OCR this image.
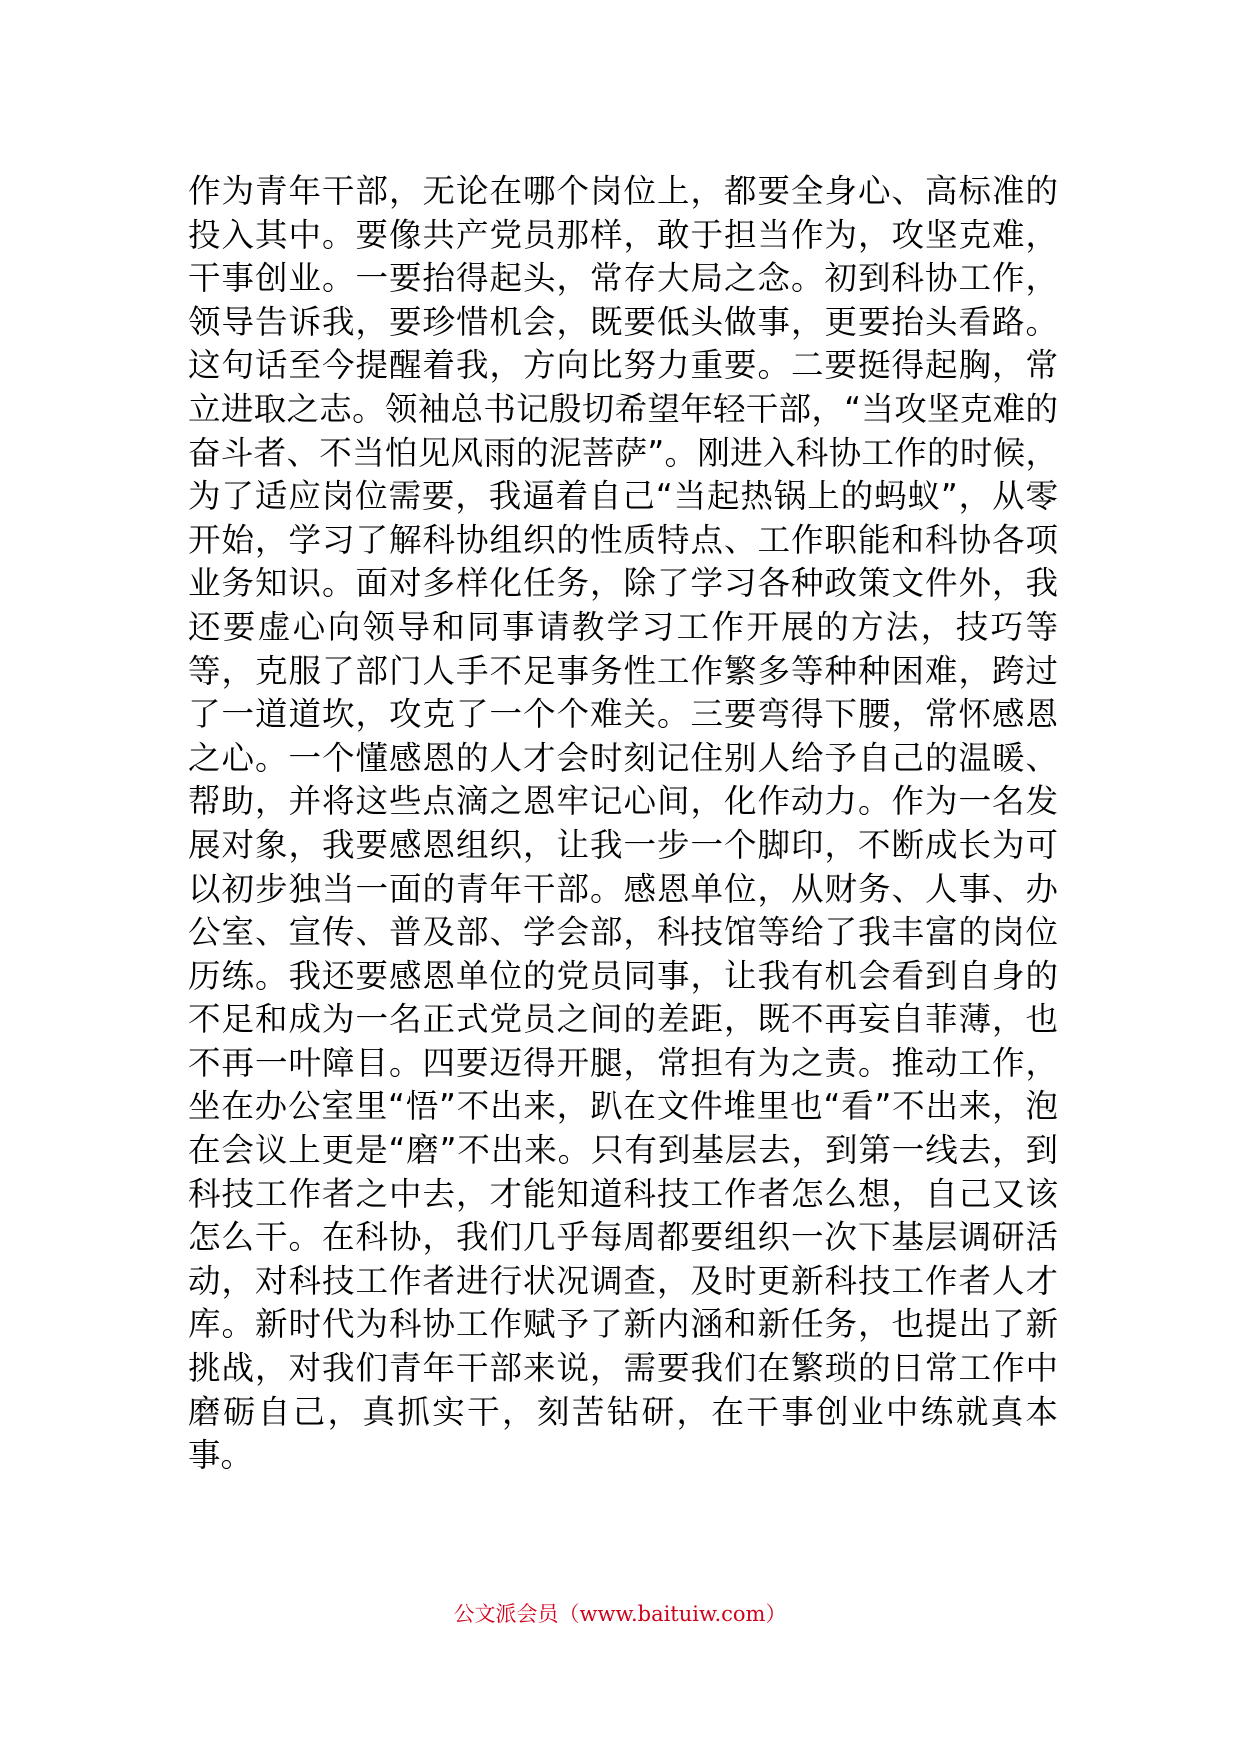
作为青年干部，无论在哪个岗位上，都要全身心、高标准的投入其中。要像共产党员那样，敢于担当作为，攻坚克难，干事创业。一要抬得起头，常存大局之念。初到科协工作，领导告诉我，要珍惜机会，既要低头做事，更要抬头看路。这句话至今提醒着我，方向比努力重要。二要挺得起胸，常立进取之志。领袖总书记殷切希望年轻干部，“当攻坚克难的奋斗者、不当怕见风雨的泥菩萨”。刚进入科协工作的时候，为了适应岗位需要，我逼着自己“当起热锅上的蚂蚁”，从零开始，学习了解科协组织的性质特点、工作职能和科协各项业务知识。面对多样化任务，除了学习各种政策文件外，我还要虚心向领导和同事请教学习工作开展的方法，技巧等等，克服了部门人手不足事务性工作繁多等种种困难，跨过了一道道坎，攻克了一个个难关。三要弯得下腰，常怀感恩之心。一个懂感恩的人才会时刻记住别人给予自己的温暖、帮助，并将这些点滴之恩牢记心间，化作动力。作为一名发展对象，我要感恩组织，让我一步一个脚印，不断成长为可以初步独当一面的青年干部。感恩单位，从财务、人事、办公室、宣传、普及部、学会部，科技馆等给了我丰富的岗位历练。我还要感恩单位的党员同事，让我有机会看到自身的不足和成为一名正式党员之间的差距，既不再妄自菲薄，也不再一叶障目。四要迈得开腿，常担有为之责。推动工作，坐在办公室里“悟”不出来，趴在文件堆里也“看”不出来，泡在会议上更是“磨”不出来。只有到基层去，到第一线去，到科技工作者之中去，才能知道科技工作者怎么想，自己又该怎么干。在科协，我们几乎每周都要组织一次下基层调研活动，对科技工作者进行状况调查，及时更新科技工作者人才库。新时代为科协工作赋予了新内涵和新任务，也提出了新挑战，对我们青年干部来说，需要我们在繁琐的日常工作中磨砺自己，真抓实干，刻苦钻研，在干事创业中练就真本事。

公文派会员（www.baituiw.com）
